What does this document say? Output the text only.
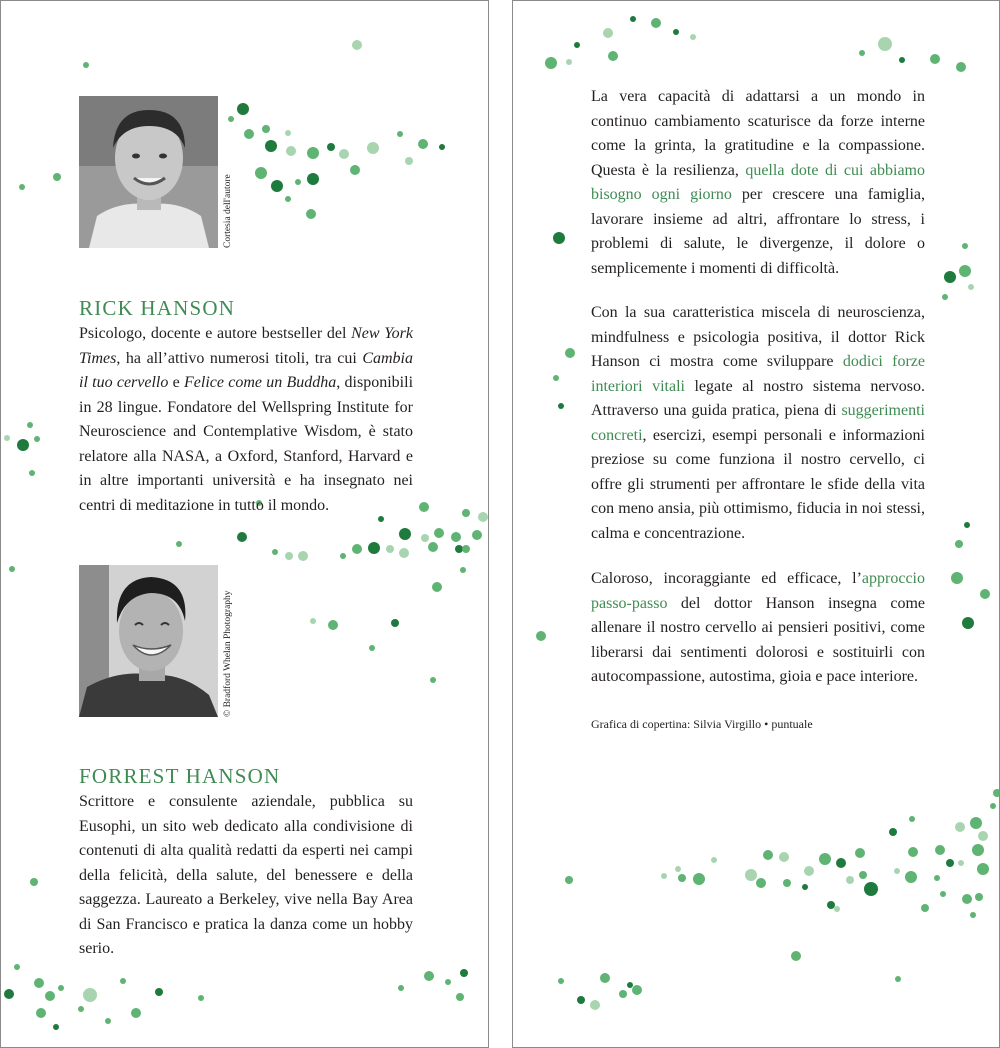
Cortesia dell'autore
RICK HANSON

Psicologo, docente e autore bestseller del New York Times, ha all’attivo numerosi titoli, tra cui Cambia il tuo cervello e Felice come un Buddha, disponibili in 28 lingue. Fondatore del Wellspring Institute for Neuroscience and Contemplative Wisdom, è stato relatore alla NASA, a Oxford, Stanford, Harvard e in altre importanti università e ha insegnato nei centri di meditazione in tutto il mondo.

© Bradford Whelan Photography
FORREST HANSON

Scrittore e consulente aziendale, pubblica su Eusophi, un sito web dedicato alla condivisione di contenuti di alta qualità redatti da esperti nei campi della felicità, della salute, del benessere e della saggezza. Laureato a Berkeley, vive nella Bay Area di San Francisco e pratica la danza come un hobby serio.

La vera capacità di adattarsi a un mondo in continuo cambiamento scaturisce da forze interne come la grinta, la gratitudine e la compassione. Questa è la resilienza, quella dote di cui abbiamo bisogno ogni giorno per crescere una famiglia, lavorare insieme ad altri, affrontare lo stress, i problemi di salute, le divergenze, il dolore o semplicemente i momenti di difficoltà.

Con la sua caratteristica miscela di neuroscienza, mindfulness e psicologia positiva, il dottor Rick Hanson ci mostra come sviluppare dodici forze interiori vitali legate al nostro sistema nervoso. Attraverso una guida pratica, piena di suggerimenti concreti, esercizi, esempi personali e informazioni preziose su come funziona il nostro cervello, ci offre gli strumenti per affrontare le sfide della vita con meno ansia, più ottimismo, fiducia in noi stessi, calma e concentrazione.

Caloroso, incoraggiante ed efficace, l’approccio passo-passo del dottor Hanson insegna come allenare il nostro cervello ai pensieri positivi, come liberarsi dai sentimenti dolorosi e sostituirli con autocompassione, autostima, gioia e pace interiore.

Grafica di copertina: Silvia Virgillo • puntuale
